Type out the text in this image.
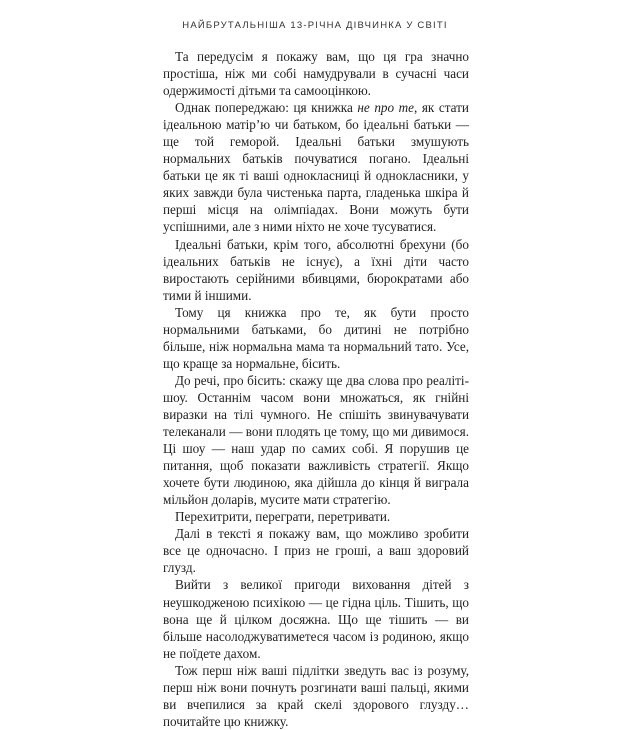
НАЙБРУТАЛЬНІША 13-РІЧНА ДІВЧИНКА У СВІТІ

Та передусім я покажу вам, що ця гра значно простіша, ніж ми собі намудрували в сучасні часи одержимості дітьми та самооцінкою.

Однак попереджаю: ця книжка не про те, як стати ідеальною матір’ю чи батьком, бо ідеальні батьки — ще той геморой. Ідеальні батьки змушують нормальних батьків почуватися погано. Ідеальні батьки це як ті ваші однокласниці й однокласники, у яких завжди була чистенька парта, гладенька шкіра й перші місця на олімпіадах. Вони можуть бути успішними, але з ними ніхто не хоче тусуватися.

Ідеальні батьки, крім того, абсолютні брехуни (бо ідеальних батьків не існує), а їхні діти часто виростають серійними вбивцями, бюрократами або тими й іншими.

Тому ця книжка про те, як бути просто нормальними батьками, бо дитині не потрібно більше, ніж нормальна мама та нормальний тато. Усе, що краще за нормальне, бісить.

До речі, про бісить: скажу ще два слова про реаліті-шоу. Останнім часом вони множаться, як гнійні виразки на тілі чумного. Не спішіть звинувачувати телеканали — вони плодять це тому, що ми дивимося. Ці шоу — наш удар по самих собі. Я порушив це питання, щоб показати важливість стратегії. Якщо хочете бути людиною, яка дійшла до кінця й виграла мільйон доларів, мусите мати стратегію.

Перехитрити, переграти, перетривати.

Далі в тексті я покажу вам, що можливо зробити все це одночасно. І приз не гроші, а ваш здоровий глузд.

Вийти з великої пригоди виховання дітей з неушкодженою психікою — це гідна ціль. Тішить, що вона ще й цілком досяжна. Що ще тішить — ви більше насолоджуватиметеся часом із родиною, якщо не поїдете дахом.

Тож перш ніж ваші підлітки зведуть вас із розуму, перш ніж вони почнуть розгинати ваші пальці, якими ви вчепилися за край скелі здорового глузду… почитайте цю книжку.
